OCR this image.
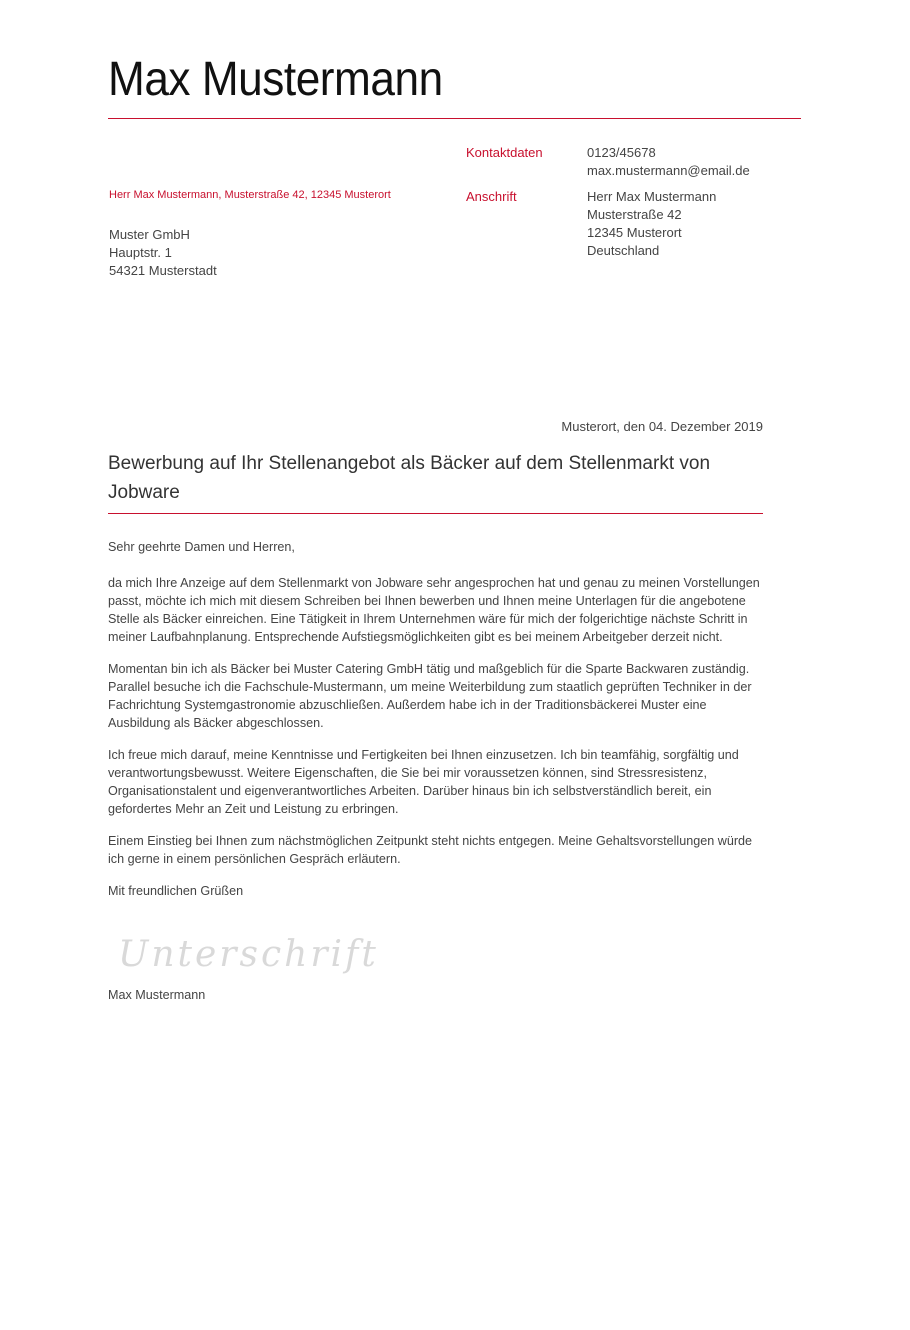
Max Mustermann
Herr Max Mustermann, Musterstraße 42, 12345 Musterort
Muster GmbH
Hauptstr. 1
54321 Musterstadt
Kontaktdaten	0123/45678
max.mustermann@email.de
Anschrift	Herr Max Mustermann
Musterstraße 42
12345 Musterort
Deutschland
Musterort, den 04. Dezember 2019
Bewerbung auf Ihr Stellenangebot als Bäcker auf dem Stellenmarkt von Jobware

Sehr geehrte Damen und Herren,

da mich Ihre Anzeige auf dem Stellenmarkt von Jobware sehr angesprochen hat und genau zu meinen Vorstellungen passt, möchte ich mich mit diesem Schreiben bei Ihnen bewerben und Ihnen meine Unterlagen für die angebotene Stelle als Bäcker einreichen. Eine Tätigkeit in Ihrem Unternehmen wäre für mich der folgerichtige nächste Schritt in meiner Laufbahnplanung. Entsprechende Aufstiegsmöglichkeiten gibt es bei meinem Arbeitgeber derzeit nicht.

Momentan bin ich als Bäcker bei Muster Catering GmbH tätig und maßgeblich für die Sparte Backwaren zuständig. Parallel besuche ich die Fachschule-Mustermann, um meine Weiterbildung zum staatlich geprüften Techniker in der Fachrichtung Systemgastronomie abzuschließen. Außerdem habe ich in der Traditionsbäckerei Muster eine Ausbildung als Bäcker abgeschlossen.

Ich freue mich darauf, meine Kenntnisse und Fertigkeiten bei Ihnen einzusetzen. Ich bin teamfähig, sorgfältig und verantwortungsbewusst. Weitere Eigenschaften, die Sie bei mir voraussetzen können, sind Stressresistenz, Organisationstalent und eigenverantwortliches Arbeiten. Darüber hinaus bin ich selbstverständlich bereit, ein gefordertes Mehr an Zeit und Leistung zu erbringen.

Einem Einstieg bei Ihnen zum nächstmöglichen Zeitpunkt steht nichts entgegen. Meine Gehaltsvorstellungen würde ich gerne in einem persönlichen Gespräch erläutern.

Mit freundlichen Grüßen

Unterschrift
Max Mustermann
